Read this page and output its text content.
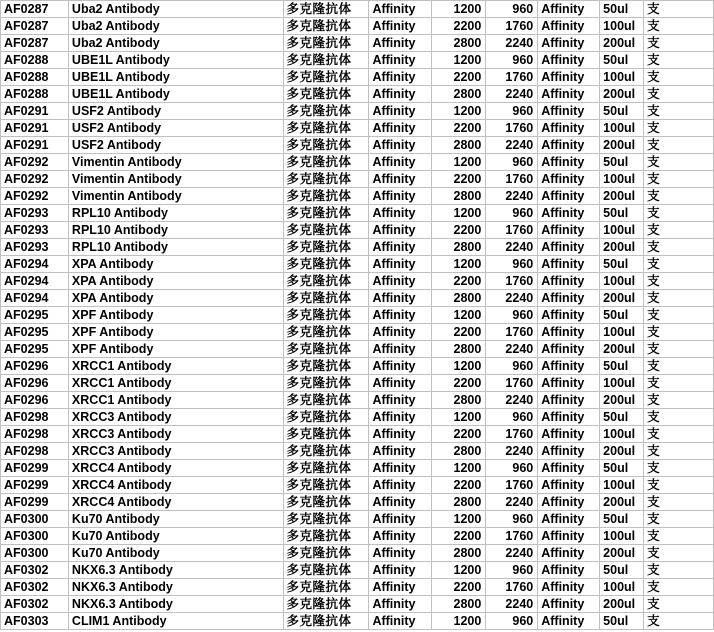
AF0287	Uba2 Antibody	多克隆抗体	Affinity	1200	960	Affinity	50ul	支
AF0287	Uba2 Antibody	多克隆抗体	Affinity	2200	1760	Affinity	100ul	支
AF0287	Uba2 Antibody	多克隆抗体	Affinity	2800	2240	Affinity	200ul	支
AF0288	UBE1L Antibody	多克隆抗体	Affinity	1200	960	Affinity	50ul	支
AF0288	UBE1L Antibody	多克隆抗体	Affinity	2200	1760	Affinity	100ul	支
AF0288	UBE1L Antibody	多克隆抗体	Affinity	2800	2240	Affinity	200ul	支
AF0291	USF2 Antibody	多克隆抗体	Affinity	1200	960	Affinity	50ul	支
AF0291	USF2 Antibody	多克隆抗体	Affinity	2200	1760	Affinity	100ul	支
AF0291	USF2 Antibody	多克隆抗体	Affinity	2800	2240	Affinity	200ul	支
AF0292	Vimentin Antibody	多克隆抗体	Affinity	1200	960	Affinity	50ul	支
AF0292	Vimentin Antibody	多克隆抗体	Affinity	2200	1760	Affinity	100ul	支
AF0292	Vimentin Antibody	多克隆抗体	Affinity	2800	2240	Affinity	200ul	支
AF0293	RPL10 Antibody	多克隆抗体	Affinity	1200	960	Affinity	50ul	支
AF0293	RPL10 Antibody	多克隆抗体	Affinity	2200	1760	Affinity	100ul	支
AF0293	RPL10 Antibody	多克隆抗体	Affinity	2800	2240	Affinity	200ul	支
AF0294	XPA Antibody	多克隆抗体	Affinity	1200	960	Affinity	50ul	支
AF0294	XPA Antibody	多克隆抗体	Affinity	2200	1760	Affinity	100ul	支
AF0294	XPA Antibody	多克隆抗体	Affinity	2800	2240	Affinity	200ul	支
AF0295	XPF Antibody	多克隆抗体	Affinity	1200	960	Affinity	50ul	支
AF0295	XPF Antibody	多克隆抗体	Affinity	2200	1760	Affinity	100ul	支
AF0295	XPF Antibody	多克隆抗体	Affinity	2800	2240	Affinity	200ul	支
AF0296	XRCC1 Antibody	多克隆抗体	Affinity	1200	960	Affinity	50ul	支
AF0296	XRCC1 Antibody	多克隆抗体	Affinity	2200	1760	Affinity	100ul	支
AF0296	XRCC1 Antibody	多克隆抗体	Affinity	2800	2240	Affinity	200ul	支
AF0298	XRCC3 Antibody	多克隆抗体	Affinity	1200	960	Affinity	50ul	支
AF0298	XRCC3 Antibody	多克隆抗体	Affinity	2200	1760	Affinity	100ul	支
AF0298	XRCC3 Antibody	多克隆抗体	Affinity	2800	2240	Affinity	200ul	支
AF0299	XRCC4 Antibody	多克隆抗体	Affinity	1200	960	Affinity	50ul	支
AF0299	XRCC4 Antibody	多克隆抗体	Affinity	2200	1760	Affinity	100ul	支
AF0299	XRCC4 Antibody	多克隆抗体	Affinity	2800	2240	Affinity	200ul	支
AF0300	Ku70 Antibody	多克隆抗体	Affinity	1200	960	Affinity	50ul	支
AF0300	Ku70 Antibody	多克隆抗体	Affinity	2200	1760	Affinity	100ul	支
AF0300	Ku70 Antibody	多克隆抗体	Affinity	2800	2240	Affinity	200ul	支
AF0302	NKX6.3 Antibody	多克隆抗体	Affinity	1200	960	Affinity	50ul	支
AF0302	NKX6.3 Antibody	多克隆抗体	Affinity	2200	1760	Affinity	100ul	支
AF0302	NKX6.3 Antibody	多克隆抗体	Affinity	2800	2240	Affinity	200ul	支
AF0303	CLIM1 Antibody	多克隆抗体	Affinity	1200	960	Affinity	50ul	支
